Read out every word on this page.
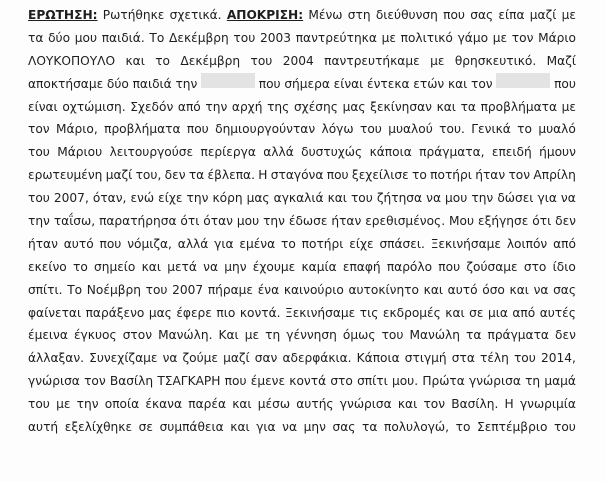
ΕΡΩΤΗΣΗ: Ρωτήθηκε σχετικά. ΑΠΟΚΡΙΣΗ: Μένω στη διεύθυνση που σας είπα μαζί με
τα δύο μου παιδιά. Το Δεκέμβρη του 2003 παντρεύτηκα με πολιτικό γάμο με τον Μάριο
ΛΟΥΚΟΠΟΥΛΟ και το Δεκέμβρη του 2004 παντρευτήκαμε με θρησκευτικό. Μαζί
αποκτήσαμε δύο παιδιά την	που σήμερα είναι έντεκα ετών και τον	που
είναι οχτώμιση. Σχεδόν από την αρχή της σχέσης μας ξεκίνησαν και τα προβλήματα με
τον Μάριο, προβλήματα που δημιουργούνταν λόγω του μυαλού του. Γενικά το μυαλό
του Μάριου λειτουργούσε περίεργα αλλά δυστυχώς κάποια πράγματα, επειδή ήμουν
ερωτευμένη μαζί του, δεν τα έβλεπα. Η σταγόνα που ξεχείλισε το ποτήρι ήταν τον Απρίλη
του 2007, όταν, ενώ είχε την κόρη μας αγκαλιά και του ζήτησα να μου την δώσει για να
την ταΐσω, παρατήρησα ότι όταν μου την έδωσε ήταν ερεθισμένος. Μου εξήγησε ότι δεν
ήταν αυτό που νόμιζα, αλλά για εμένα το ποτήρι είχε σπάσει. Ξεκινήσαμε λοιπόν από
εκείνο το σημείο και μετά να μην έχουμε καμία επαφή παρόλο που ζούσαμε στο ίδιο
σπίτι. Το Νοέμβρη του 2007 πήραμε ένα καινούριο αυτοκίνητο και αυτό όσο και να σας
φαίνεται παράξενο μας έφερε πιο κοντά. Ξεκινήσαμε τις εκδρομές και σε μια από αυτές
έμεινα έγκυος στον Μανώλη. Και με τη γέννηση όμως του Μανώλη τα πράγματα δεν
άλλαξαν. Συνεχίζαμε να ζούμε μαζί σαν αδερφάκια. Κάποια στιγμή στα τέλη του 2014,
γνώρισα τον Βασίλη ΤΣΑΓΚΑΡΗ που έμενε κοντά στο σπίτι μου. Πρώτα γνώρισα τη μαμά
του με την οποία έκανα παρέα και μέσω αυτής γνώρισα και τον Βασίλη. Η γνωριμία
αυτή εξελίχθηκε σε συμπάθεια και για να μην σας τα πολυλογώ, το Σεπτέμβριο του
